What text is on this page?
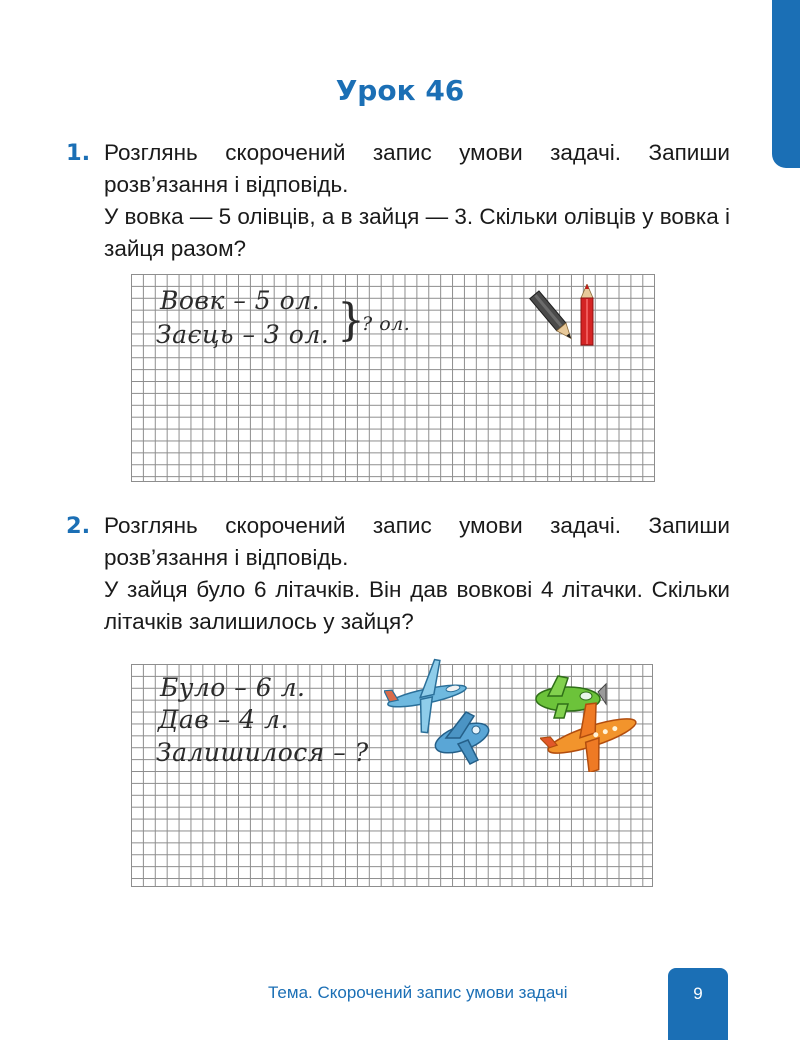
Урок 46
1. Розглянь скорочений запис умови задачі. Запиши розв’язання і відповідь.

У вовка — 5 олівців, а в зайця — 3. Скільки олівців у вовка і зайця разом?

Вовк – 5 ол.
Заєць – 3 ол. }
? ол.
2. Розглянь скорочений запис умови задачі. Запиши розв’язання і відповідь.

У зайця було 6 літачків. Він дав вовкові 4 літачки. Скільки літачків залишилось у зайця?

Було – 6 л.
Дав – 4 л.
Залишилося – ?
Тема. Скорочений запис умови задачі	9
